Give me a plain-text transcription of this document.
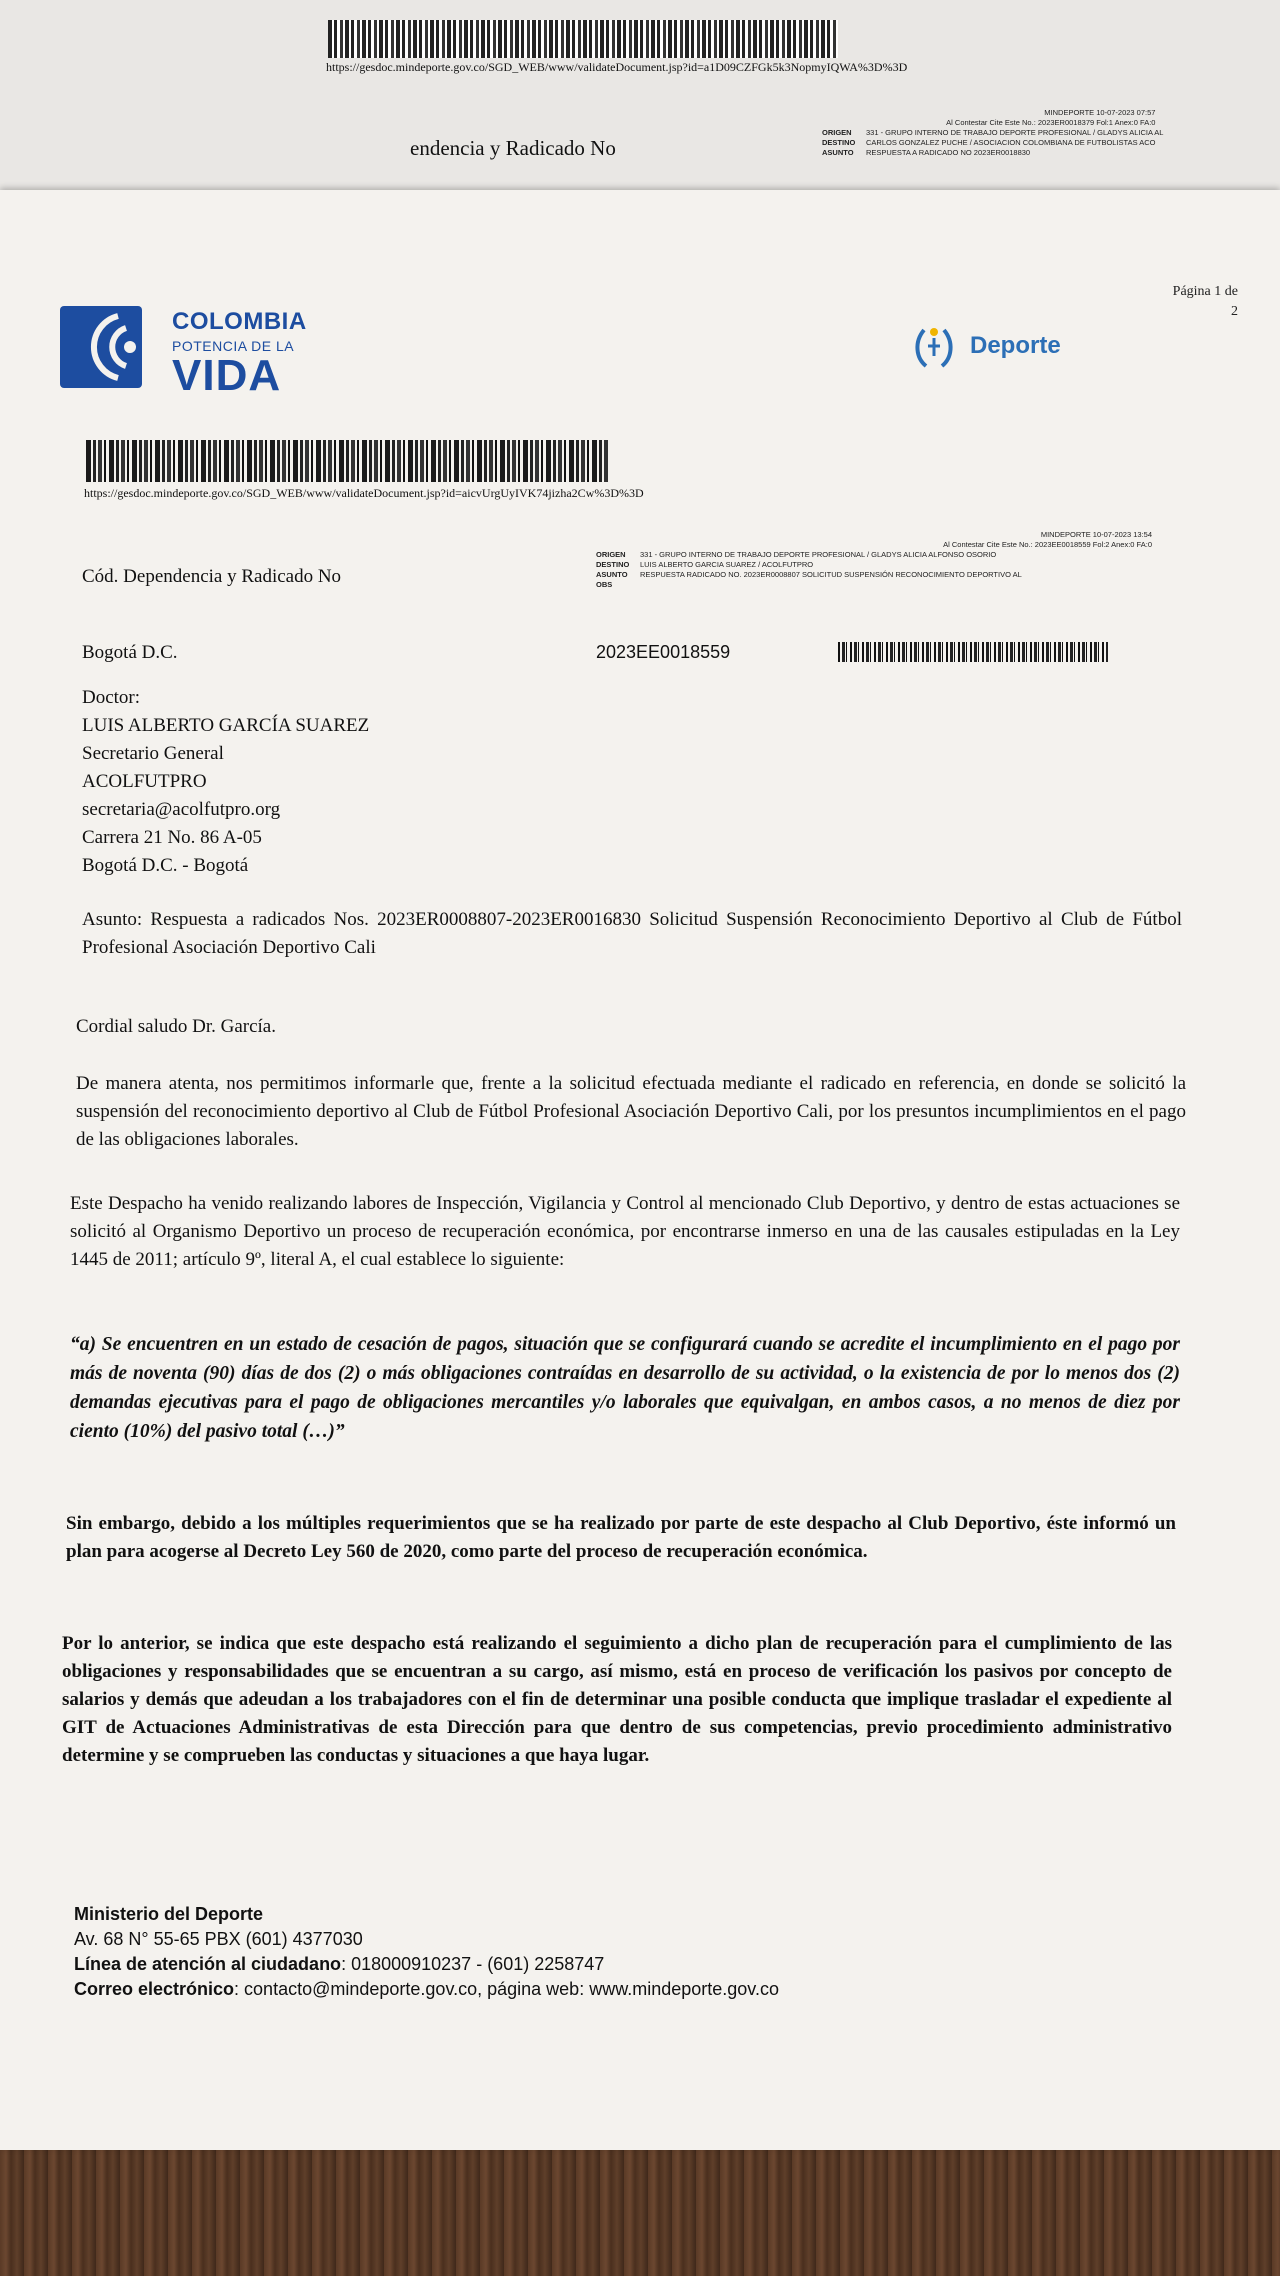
https://gesdoc.mindeporte.gov.co/SGD_WEB/www/validateDocument.jsp?id=a1D09CZFGk5k3NopmyIQWA%3D%3D
endencia y Radicado No
MINDEPORTE 10-07-2023 07:57
Al Contestar Cite Este No.: 2023ER0018379 Fol:1 Anex:0 FA:0
ORIGEN 331 - GRUPO INTERNO DE TRABAJO DEPORTE PROFESIONAL / GLADYS ALICIA AL
DESTINO CARLOS GONZALEZ PUCHE / ASOCIACION COLOMBIANA DE FUTBOLISTAS ACO
ASUNTO RESPUESTA A RADICADO NO 2023ER0018830
Página 1 de
2
COLOMBIA
POTENCIA DE LA
VIDA
Deporte
https://gesdoc.mindeporte.gov.co/SGD_WEB/www/validateDocument.jsp?id=aicvUrgUyIVK74jizha2Cw%3D%3D
MINDEPORTE 10-07-2023 13:54
Al Contestar Cite Este No.: 2023EE0018559 Fol:2 Anex:0 FA:0
ORIGEN 331 - GRUPO INTERNO DE TRABAJO DEPORTE PROFESIONAL / GLADYS ALICIA ALFONSO OSORIO
DESTINO LUIS ALBERTO GARCIA SUAREZ / ACOLFUTPRO
ASUNTO RESPUESTA RADICADO NO. 2023ER0008807 SOLICITUD SUSPENSIÓN RECONOCIMIENTO DEPORTIVO AL
OBS
Cód. Dependencia y Radicado No
Bogotá D.C.	2023EE0018559
Doctor:
LUIS ALBERTO GARCÍA SUAREZ
Secretario General
ACOLFUTPRO
secretaria@acolfutpro.org
Carrera 21 No. 86 A-05
Bogotá D.C. - Bogotá
Asunto: Respuesta a radicados Nos. 2023ER0008807-2023ER0016830 Solicitud Suspensión Reconocimiento Deportivo al Club de Fútbol Profesional Asociación Deportivo Cali
Cordial saludo Dr. García.
De manera atenta, nos permitimos informarle que, frente a la solicitud efectuada mediante el radicado en referencia, en donde se solicitó la suspensión del reconocimiento deportivo al Club de Fútbol Profesional Asociación Deportivo Cali, por los presuntos incumplimientos en el pago de las obligaciones laborales.
Este Despacho ha venido realizando labores de Inspección, Vigilancia y Control al mencionado Club Deportivo, y dentro de estas actuaciones se solicitó al Organismo Deportivo un proceso de recuperación económica, por encontrarse inmerso en una de las causales estipuladas en la Ley 1445 de 2011; artículo 9º, literal A, el cual establece lo siguiente:
“a) Se encuentren en un estado de cesación de pagos, situación que se configurará cuando se acredite el incumplimiento en el pago por más de noventa (90) días de dos (2) o más obligaciones contraídas en desarrollo de su actividad, o la existencia de por lo menos dos (2) demandas ejecutivas para el pago de obligaciones mercantiles y/o laborales que equivalgan, en ambos casos, a no menos de diez por ciento (10%) del pasivo total (…)”
Sin embargo, debido a los múltiples requerimientos que se ha realizado por parte de este despacho al Club Deportivo, éste informó un plan para acogerse al Decreto Ley 560 de 2020, como parte del proceso de recuperación económica.
Por lo anterior, se indica que este despacho está realizando el seguimiento a dicho plan de recuperación para el cumplimiento de las obligaciones y responsabilidades que se encuentran a su cargo, así mismo, está en proceso de verificación los pasivos por concepto de salarios y demás que adeudan a los trabajadores con el fin de determinar una posible conducta que implique trasladar el expediente al GIT de Actuaciones Administrativas de esta Dirección para que dentro de sus competencias, previo procedimiento administrativo determine y se comprueben las conductas y situaciones a que haya lugar.
Ministerio del Deporte
Av. 68 N° 55-65 PBX (601) 4377030
Línea de atención al ciudadano: 018000910237 - (601) 2258747
Correo electrónico: contacto@mindeporte.gov.co, página web: www.mindeporte.gov.co
